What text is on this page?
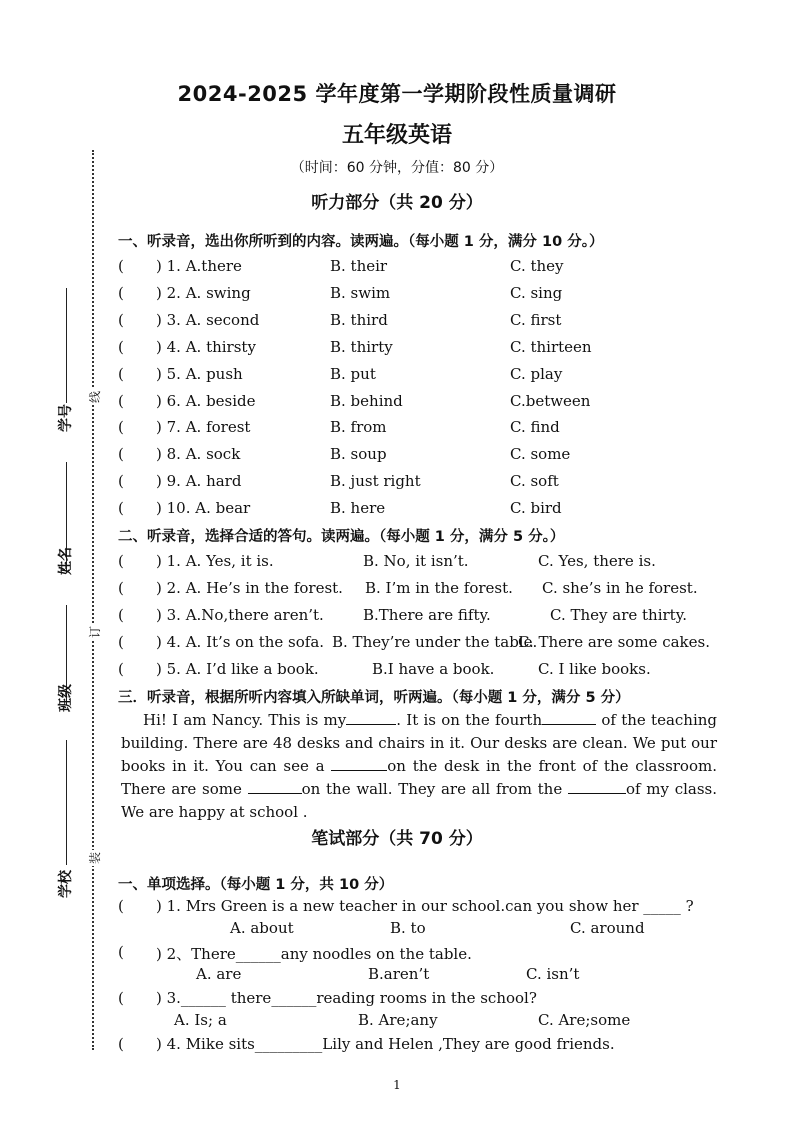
学号
姓名
班级
学校
线
订
装
2024-2025 学年度第一学期阶段性质量调研
五年级英语
（时间：60 分钟，分值：80 分）
听力部分（共 20 分）
一、听录音，选出你所听到的内容。读两遍。（每小题 1 分，满分 10 分。）
( ) 1. A.there	B. their	C. they
( ) 2. A. swing	B. swim	C. sing
( ) 3. A. second	B. third	C. first
( ) 4. A. thirsty	B. thirty	C. thirteen
( ) 5. A. push	B. put	C. play
( ) 6. A. beside	B. behind	C.between
( ) 7. A. forest	B. from	C. find
( ) 8. A. sock	B. soup	C. some
( ) 9. A. hard	B. just right	C. soft
( ) 10. A. bear	B. here	C. bird
二、听录音，选择合适的答句。读两遍。（每小题 1 分，满分 5 分。）
( ) 1. A. Yes, it is.	B. No, it isn’t.	C. Yes, there is.
( ) 2. A. He’s in the forest. B. I’m in the forest. C. she’s in he forest.
( ) 3. A.No,there aren’t.	B.There are fifty.	C. They are thirty.
( ) 4. A. It’s on the sofa. B. They’re under the table.
C. There are some cakes.
( ) 5. A. I’d like a book.	B.I have a book.	C. I like books.
三．听录音，根据所听内容填入所缺单词，听两遍。（每小题 1 分，满分 5 分）
Hi! I am Nancy. This is my	. It is on the fourth	of the teaching building. There are 48 desks and chairs in it. Our desks are clean. We put our books in it. You can see a	on the desk in the front of the classroom. There are some	on the wall. They are all from the	of my class. We are happy at school .
笔试部分（共 70 分）
一、单项选择。（每小题 1 分，共 10 分）
( ) 1. Mrs Green is a new teacher in our school.can you show her _____ ?
A. about	B. to	C. around
( ) 2、There______any noodles on the table.
A. are	B.aren’t	C. isn’t
( ) 3.______ there______reading rooms in the school?
A. Is; a	B. Are;any	C. Are;some
( ) 4. Mike sits_________Lily and Helen ,They are good friends.
1
